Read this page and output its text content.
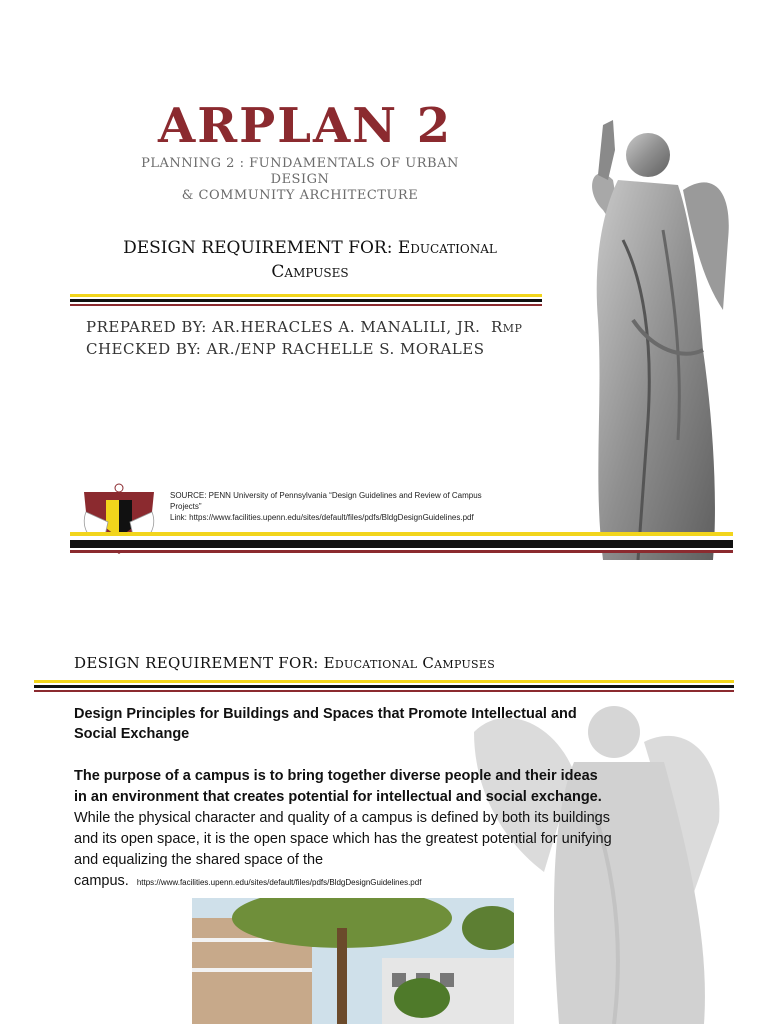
ARPLAN 2
PLANNING 2 : FUNDAMENTALS OF URBAN DESIGN
& COMMUNITY ARCHITECTURE
DESIGN REQUIREMENT FOR: Educational
Campuses
PREPARED BY: AR.HERACLES A. MANALILI, JR. Rmp
CHECKED BY: AR./ENP RACHELLE S. MORALES
SOURCE: PENN University of Pennsylvania “Design Guidelines and Review of Campus
Projects”
Link: https://www.facilities.upenn.edu/sites/default/files/pdfs/BldgDesignGuidelines.pdf
DESIGN REQUIREMENT FOR: Educational Campuses

Design Principles for Buildings and Spaces that Promote Intellectual and Social Exchange

The purpose of a campus is to bring together diverse people and their ideas in an environment that creates potential for intellectual and social exchange. While the physical character and quality of a campus is defined by both its buildings and its open space, it is the open space which has the greatest potential for unifying and equalizing the shared space of the campus. https://www.facilities.upenn.edu/sites/default/files/pdfs/BldgDesignGuidelines.pdf
